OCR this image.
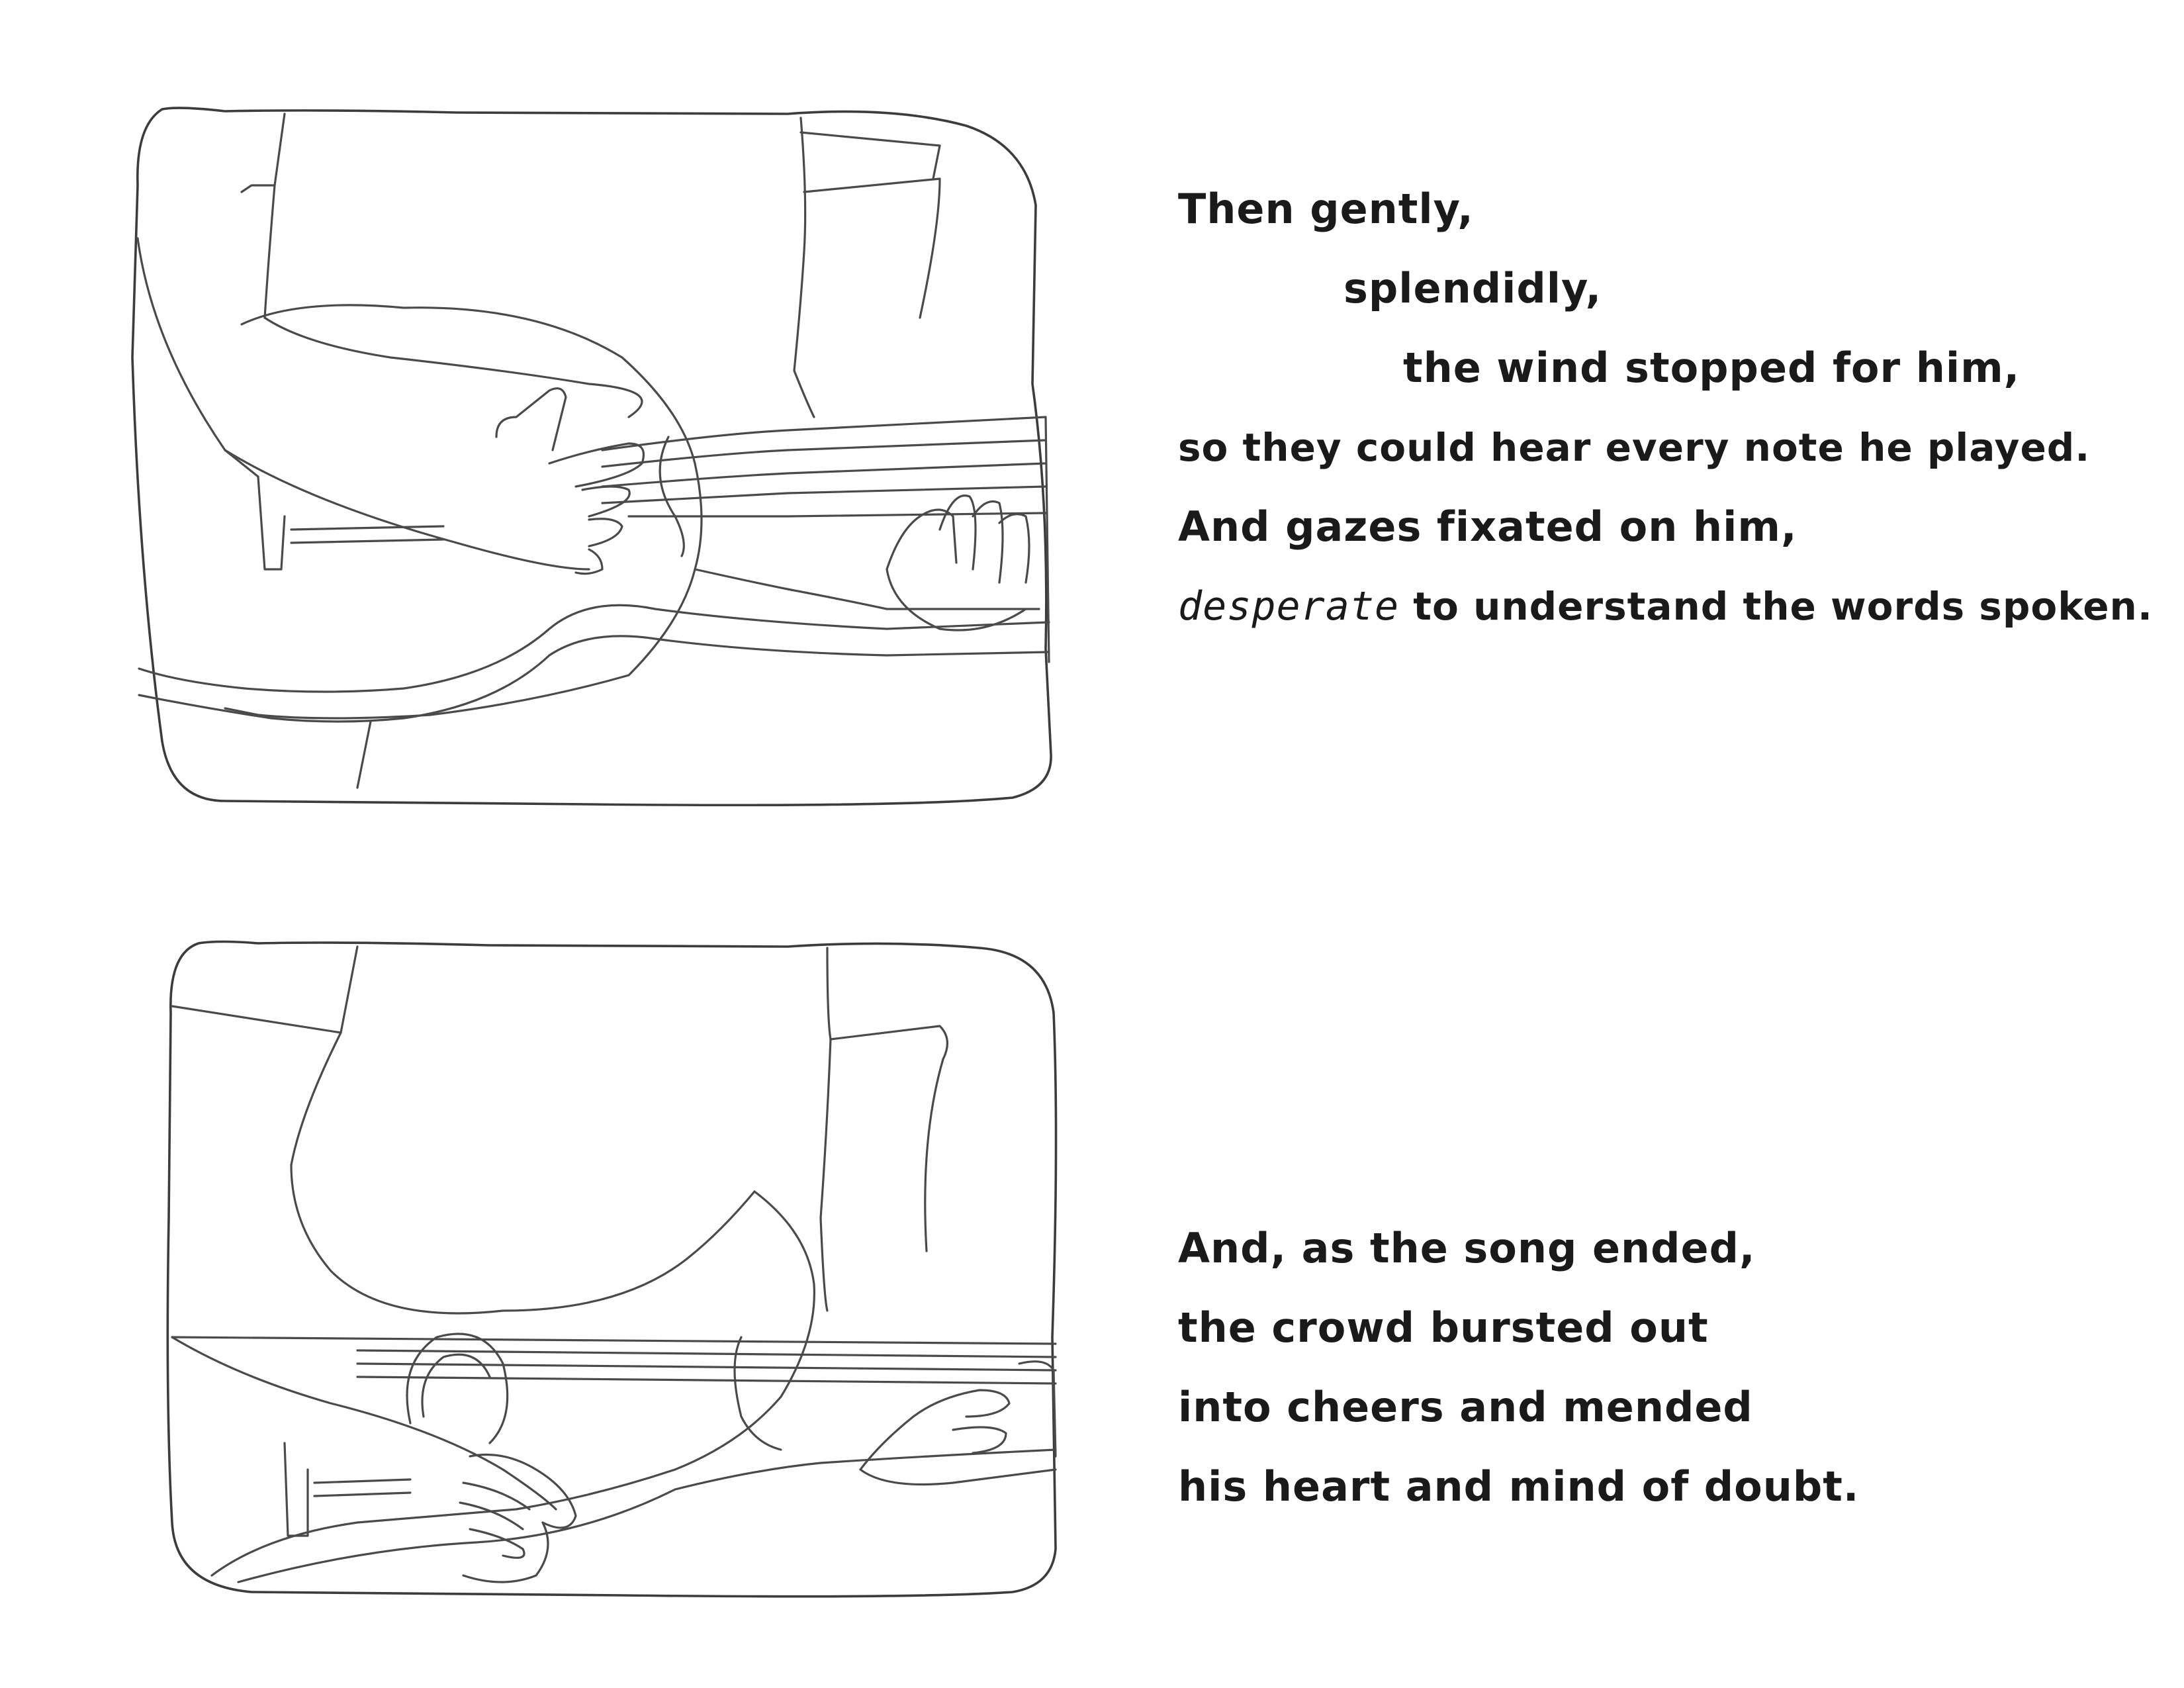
Then gently,
splendidly,
the wind stopped for him,
so they could hear every note he played.
And gazes fixated on him,
desperate to understand the words spoken.
And, as the song ended,
the crowd bursted out
into cheers and mended
his heart and mind of doubt.
